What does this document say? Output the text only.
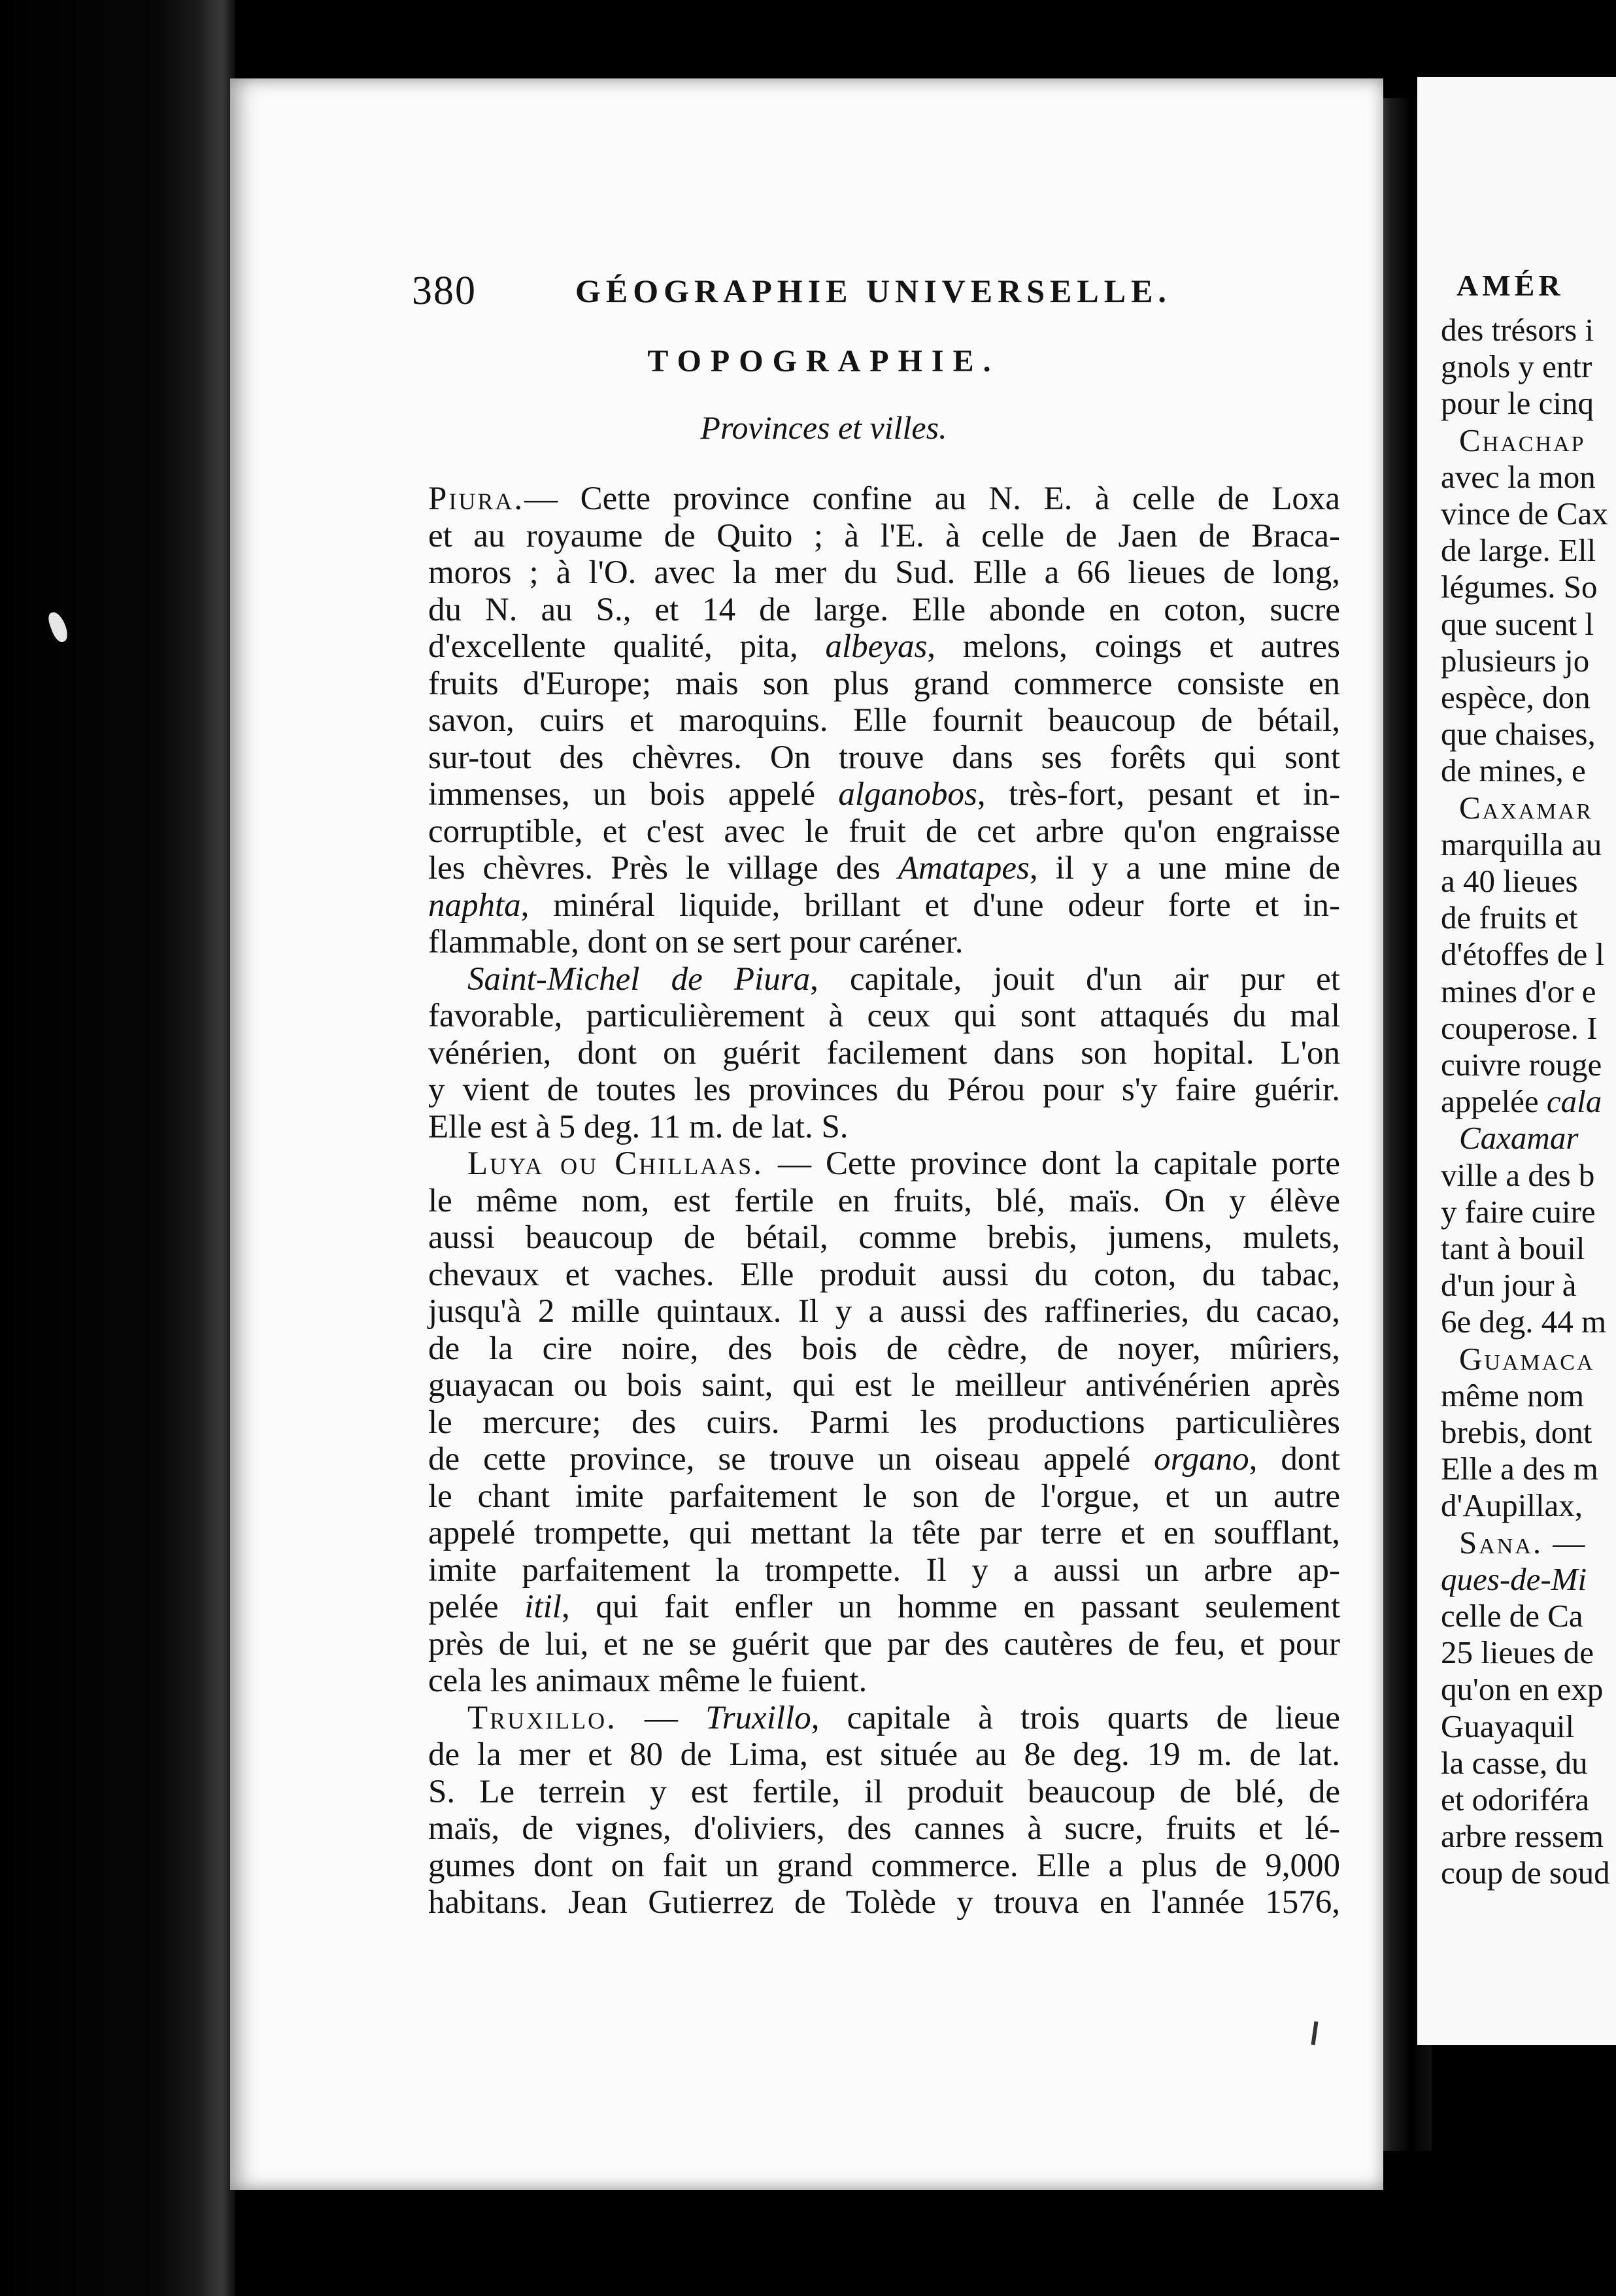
AMÉR
des trésors i
gnols y entr
pour le cinq
Chachap
avec la mon
vince de Cax
de large. Ell
légumes. So
que sucent l
plusieurs jo
espèce, don
que chaises,
de mines, e
Caxamar
marquilla au
a 40 lieues
de fruits et
d'étoffes de l
mines d'or e
couperose. I
cuivre rouge
appelée cala
Caxamar
ville a des b
y faire cuire
tant à bouil
d'un jour à
6e deg. 44 m
Guamaca
même nom
brebis, dont
Elle a des m
d'Aupillax,
Sana. —
ques-de-Mi
celle de Ca
25 lieues de
qu'on en exp
Guayaquil
la casse, du
et odoriféra
arbre ressem
coup de soud
380	GÉOGRAPHIE UNIVERSELLE.
TOPOGRAPHIE.
Provinces et villes.
Piura.— Cette province confine au N. E. à celle de Loxa
et au royaume de Quito ; à l'E. à celle de Jaen de Braca-
moros ; à l'O. avec la mer du Sud. Elle a 66 lieues de long,
du N. au S., et 14 de large. Elle abonde en coton, sucre
d'excellente qualité, pita, albeyas, melons, coings et autres
fruits d'Europe; mais son plus grand commerce consiste en
savon, cuirs et maroquins. Elle fournit beaucoup de bétail,
sur-tout des chèvres. On trouve dans ses forêts qui sont
immenses, un bois appelé alganobos, très-fort, pesant et in-
corruptible, et c'est avec le fruit de cet arbre qu'on engraisse
les chèvres. Près le village des Amatapes, il y a une mine de
naphta, minéral liquide, brillant et d'une odeur forte et in-
flammable, dont on se sert pour caréner.
Saint-Michel de Piura, capitale, jouit d'un air pur et
favorable, particulièrement à ceux qui sont attaqués du mal
vénérien, dont on guérit facilement dans son hopital. L'on
y vient de toutes les provinces du Pérou pour s'y faire guérir.
Elle est à 5 deg. 11 m. de lat. S.
Luya ou Chillaas. — Cette province dont la capitale porte
le même nom, est fertile en fruits, blé, maïs. On y élève
aussi beaucoup de bétail, comme brebis, jumens, mulets,
chevaux et vaches. Elle produit aussi du coton, du tabac,
jusqu'à 2 mille quintaux. Il y a aussi des raffineries, du cacao,
de la cire noire, des bois de cèdre, de noyer, mûriers,
guayacan ou bois saint, qui est le meilleur antivénérien après
le mercure; des cuirs. Parmi les productions particulières
de cette province, se trouve un oiseau appelé organo, dont
le chant imite parfaitement le son de l'orgue, et un autre
appelé trompette, qui mettant la tête par terre et en soufflant,
imite parfaitement la trompette. Il y a aussi un arbre ap-
pelée itil, qui fait enfler un homme en passant seulement
près de lui, et ne se guérit que par des cautères de feu, et pour
cela les animaux même le fuient.
Truxillo. — Truxillo, capitale à trois quarts de lieue
de la mer et 80 de Lima, est située au 8e deg. 19 m. de lat.
S. Le terrein y est fertile, il produit beaucoup de blé, de
maïs, de vignes, d'oliviers, des cannes à sucre, fruits et lé-
gumes dont on fait un grand commerce. Elle a plus de 9,000
habitans. Jean Gutierrez de Tolède y trouva en l'année 1576,
